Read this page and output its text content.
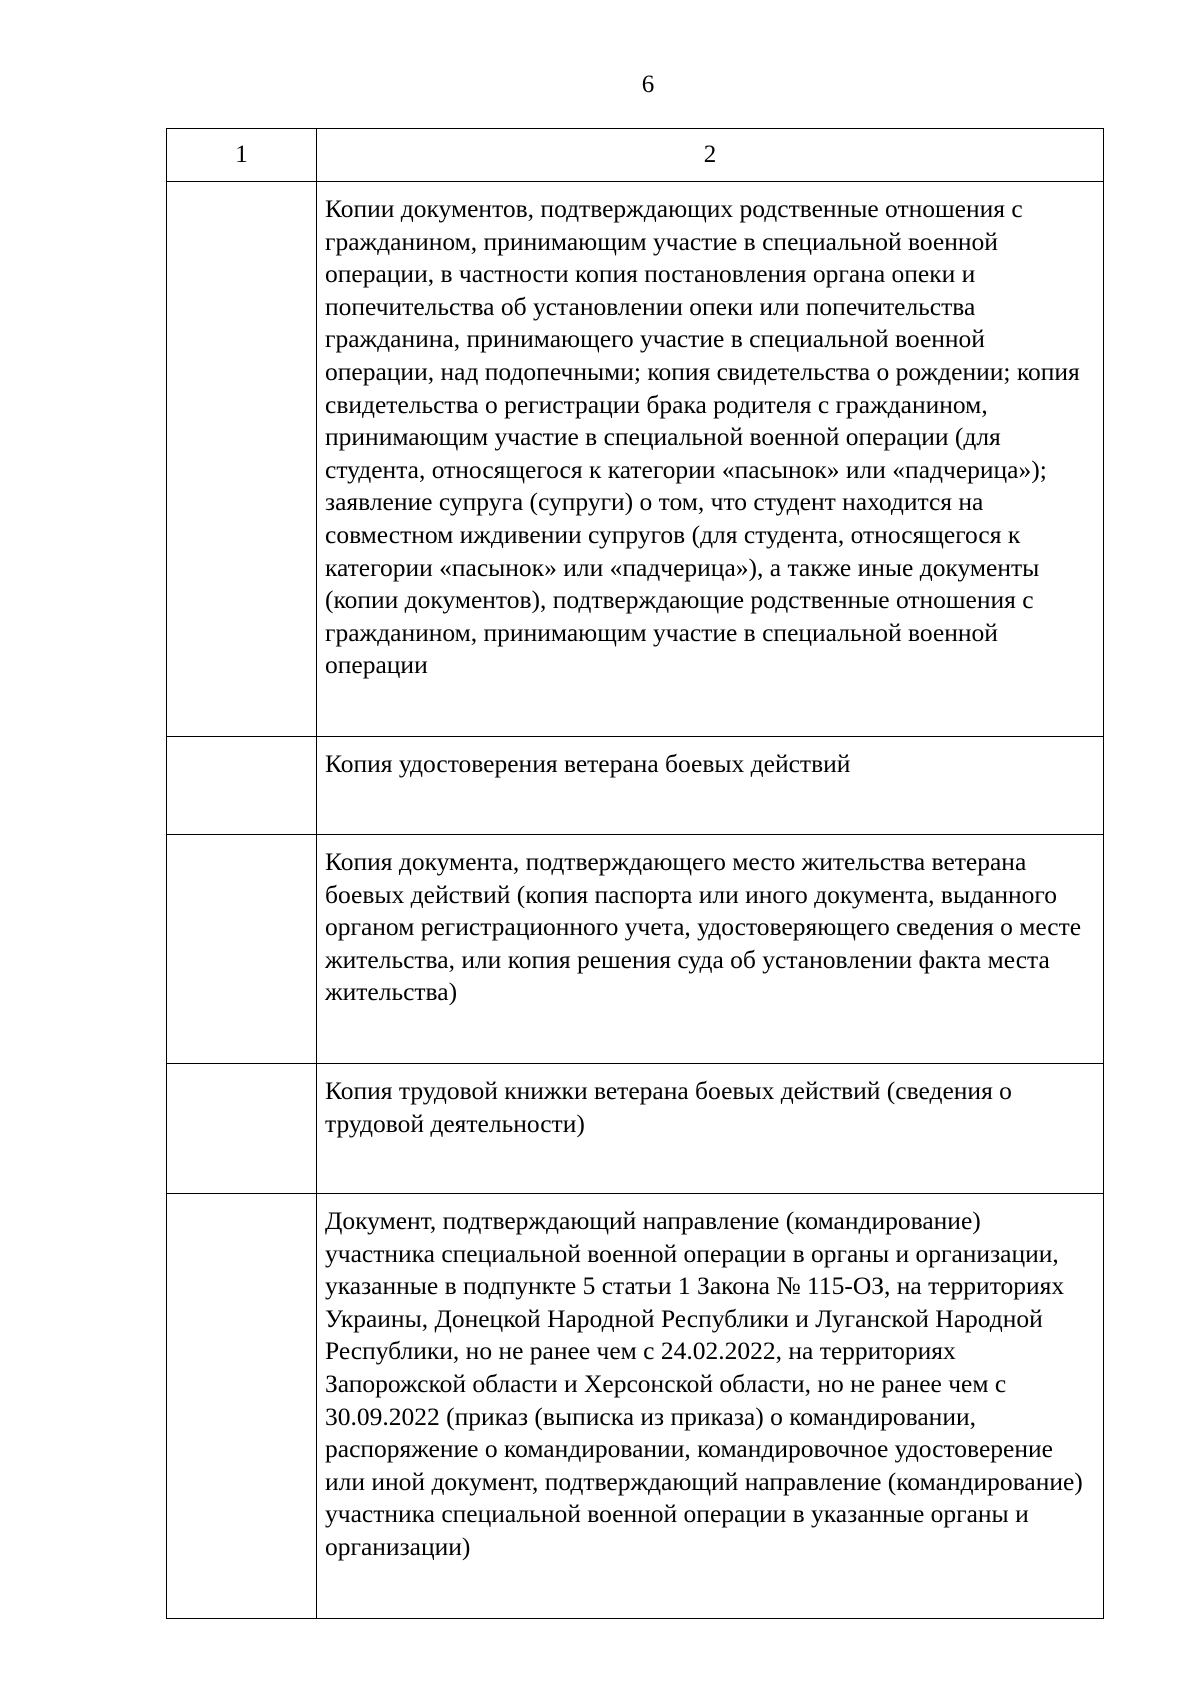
6
1	2
	Копии документов, подтверждающих родственные отношения с гражданином, принимающим участие в специальной военной операции, в частности копия постановления органа опеки и попечительства об установлении опеки или попечительства гражданина, принимающего участие в специальной военной операции, над подопечными; копия свидетельства о рождении; копия свидетельства о регистрации брака родителя с гражданином, принимающим участие в специальной военной операции (для студента, относящегося к категории «пасынок» или «падчерица»); заявление супруга (супруги) о том, что студент находится на совместном иждивении супругов (для студента, относящегося к категории «пасынок» или «падчерица»), а также иные документы (копии документов), подтверждающие родственные отношения с гражданином, принимающим участие в специальной военной операции
	Копия удостоверения ветерана боевых действий
	Копия документа, подтверждающего место жительства ветерана боевых действий (копия паспорта или иного документа, выданного органом регистрационного учета, удостоверяющего сведения о месте жительства, или копия решения суда об установлении факта места жительства)
	Копия трудовой книжки ветерана боевых действий (сведения о трудовой деятельности)
	Документ, подтверждающий направление (командирование) участника специальной военной операции в органы и организации, указанные в подпункте 5 статьи 1 Закона № 115-ОЗ, на территориях Украины, Донецкой Народной Республики и Луганской Народной Республики, но не ранее чем с 24.02.2022, на территориях Запорожской области и Херсонской области, но не ранее чем с 30.09.2022 (приказ (выписка из приказа) о командировании, распоряжение о командировании, командировочное удостоверение или иной документ, подтверждающий направление (командирование) участника специальной военной операции в указанные органы и организации)
